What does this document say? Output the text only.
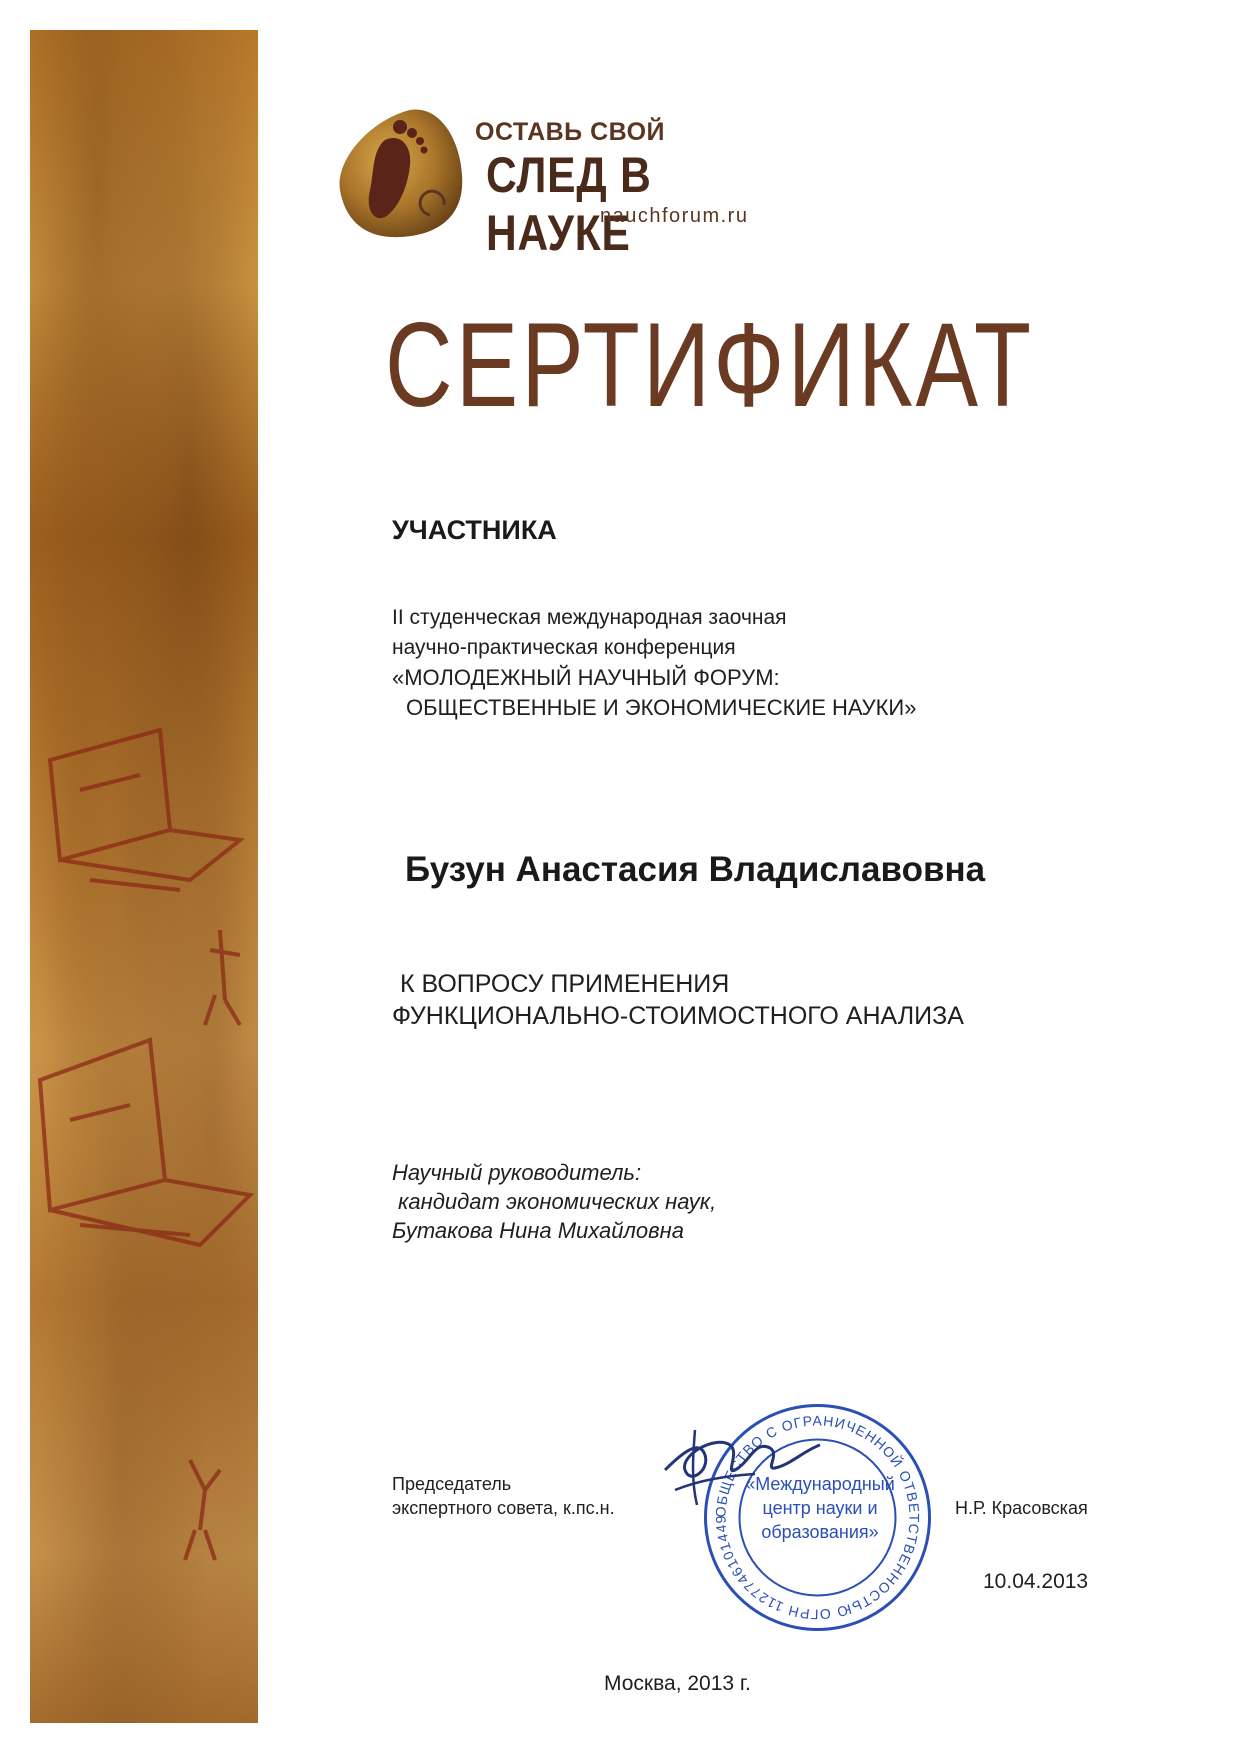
ОСТАВЬ СВОЙ
СЛЕД В НАУКЕ
nauchforum.ru
СЕРТИФИКАТ
УЧАСТНИКА
II студенческая международная заочная
научно-практическая конференция
«МОЛОДЕЖНЫЙ НАУЧНЫЙ ФОРУМ:
ОБЩЕСТВЕННЫЕ И ЭКОНОМИЧЕСКИЕ НАУКИ»
Бузун Анастасия Владиславовна
К ВОПРОСУ ПРИМЕНЕНИЯ
ФУНКЦИОНАЛЬНО-СТОИМОСТНОГО АНАЛИЗА
Научный руководитель:
кандидат экономических наук,
Бутакова Нина Михайловна
Председатель
экспертного совета, к.пс.н.	ОБЩЕСТВО С ОГРАНИЧЕННОЙ ОТВЕТСТВЕННОСТЬЮ ОГРН 1127746101449
«Международный
центр науки и
образования»
Н.Р. Красовская
10.04.2013
Москва, 2013 г.
